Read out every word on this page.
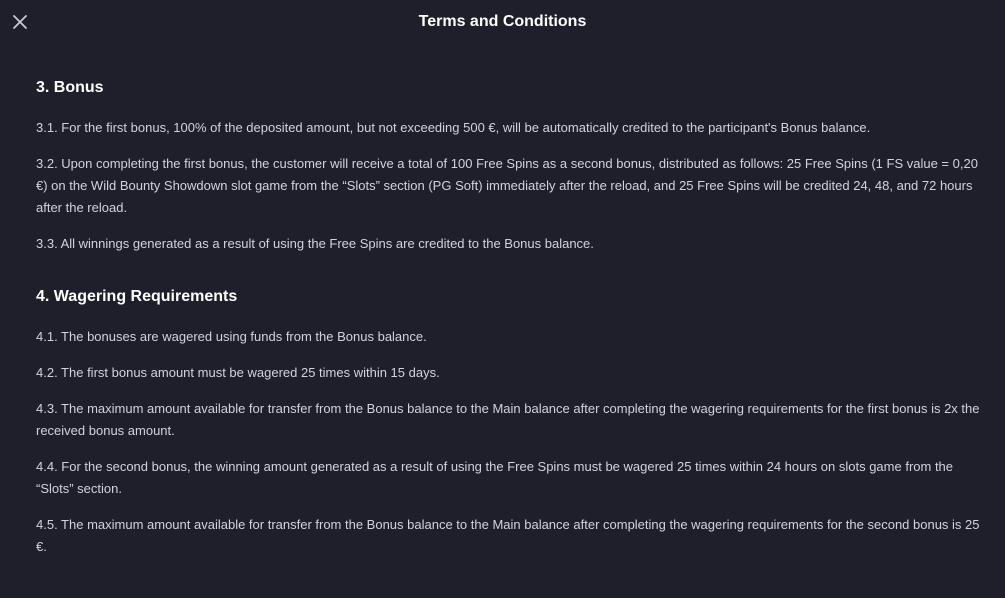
Terms and Conditions
3. Bonus

3.1. For the first bonus, 100% of the deposited amount, but not exceeding 500 €, will be automatically credited to the participant's Bonus balance.

3.2. Upon completing the first bonus, the customer will receive a total of 100 Free Spins as a second bonus, distributed as follows: 25 Free Spins (1 FS value = 0,20 €) on the Wild Bounty Showdown slot game from the “Slots” section (PG Soft) immediately after the reload, and 25 Free Spins will be credited 24, 48, and 72 hours after the reload.

3.3. All winnings generated as a result of using the Free Spins are credited to the Bonus balance.

4. Wagering Requirements

4.1. The bonuses are wagered using funds from the Bonus balance.

4.2. The first bonus amount must be wagered 25 times within 15 days.

4.3. The maximum amount available for transfer from the Bonus balance to the Main balance after completing the wagering requirements for the first bonus is 2x the received bonus amount.

4.4. For the second bonus, the winning amount generated as a result of using the Free Spins must be wagered 25 times within 24 hours on slots game from the “Slots” section.

4.5. The maximum amount available for transfer from the Bonus balance to the Main balance after completing the wagering requirements for the second bonus is 25 €.
